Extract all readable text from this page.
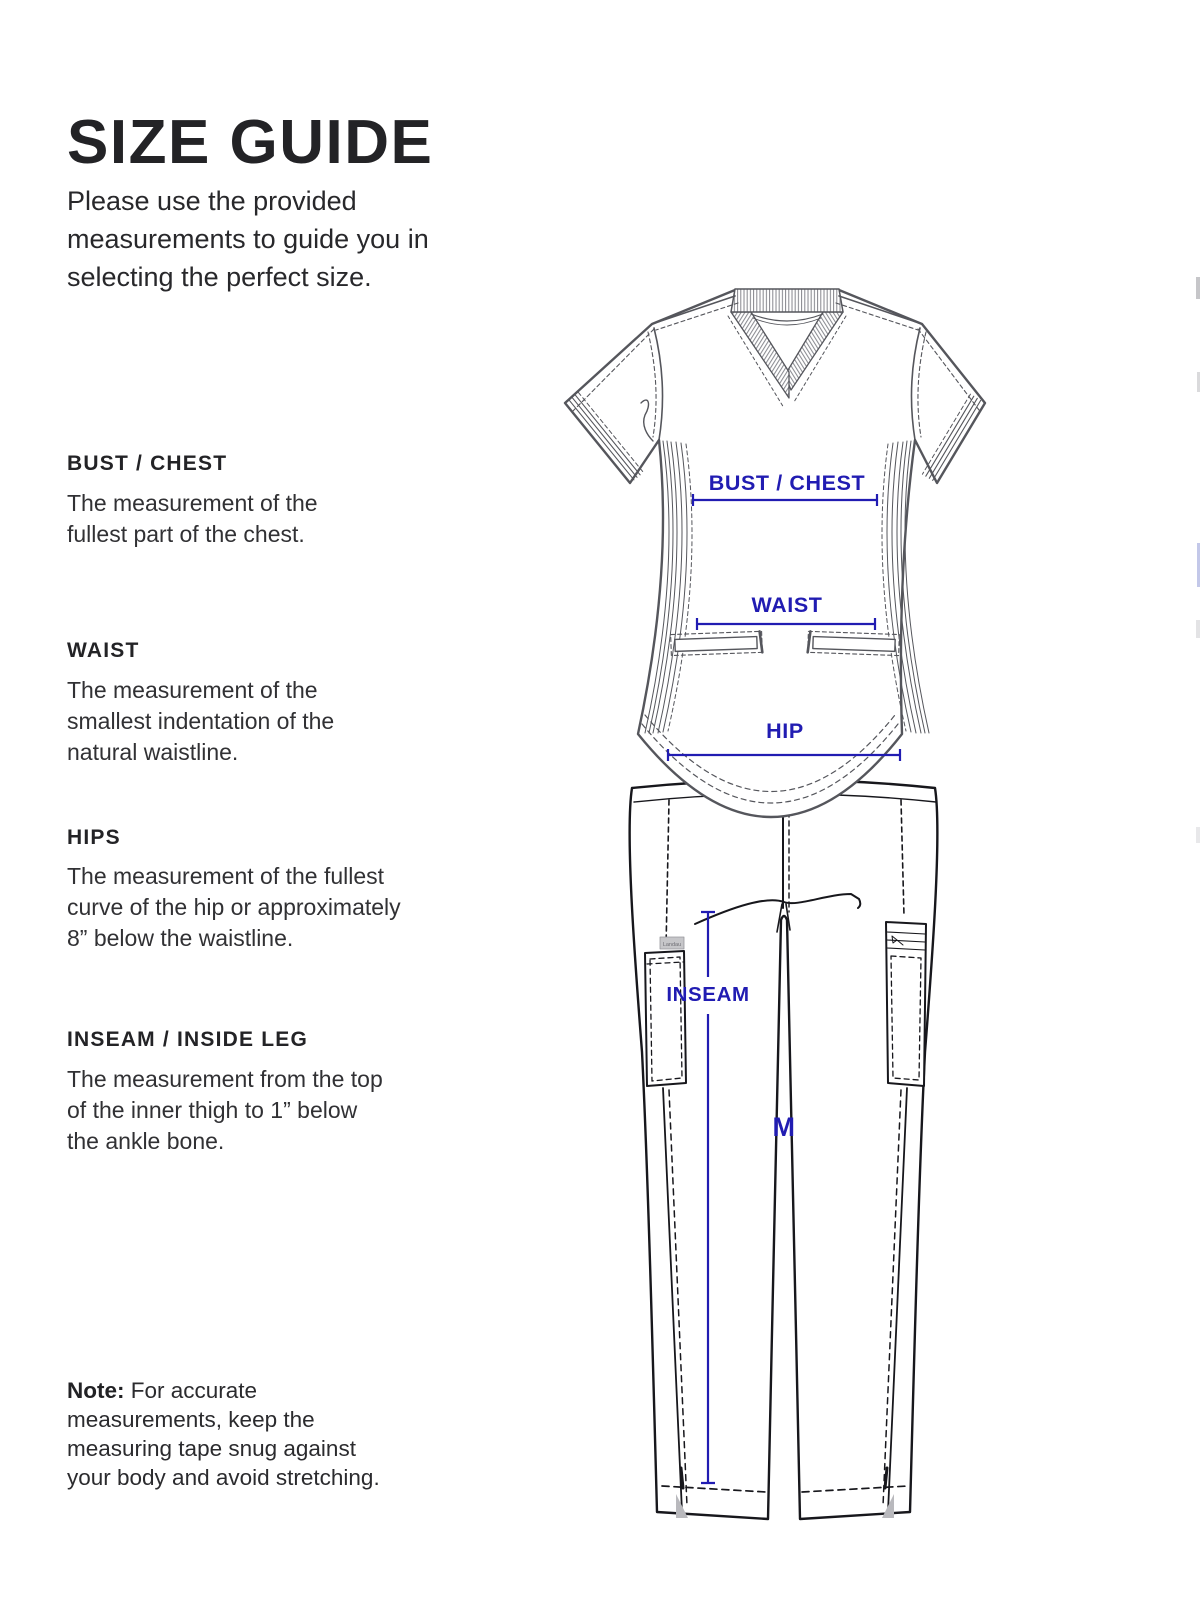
SIZE GUIDE
Please use the provided
measurements to guide you in
selecting the perfect size.
BUST / CHEST
The measurement of the
fullest part of the chest.
WAIST
The measurement of the
smallest indentation of the
natural waistline.
HIPS
The measurement of the fullest
curve of the hip or approximately
8” below the waistline.
INSEAM / INSIDE LEG
The measurement from the top
of the inner thigh to 1” below
the ankle bone.
Note: For accurate
measurements, keep the
measuring tape snug against
your body and avoid stretching.
BUST / CHEST
WAIST
HIP
INSEAM
M
Landau
